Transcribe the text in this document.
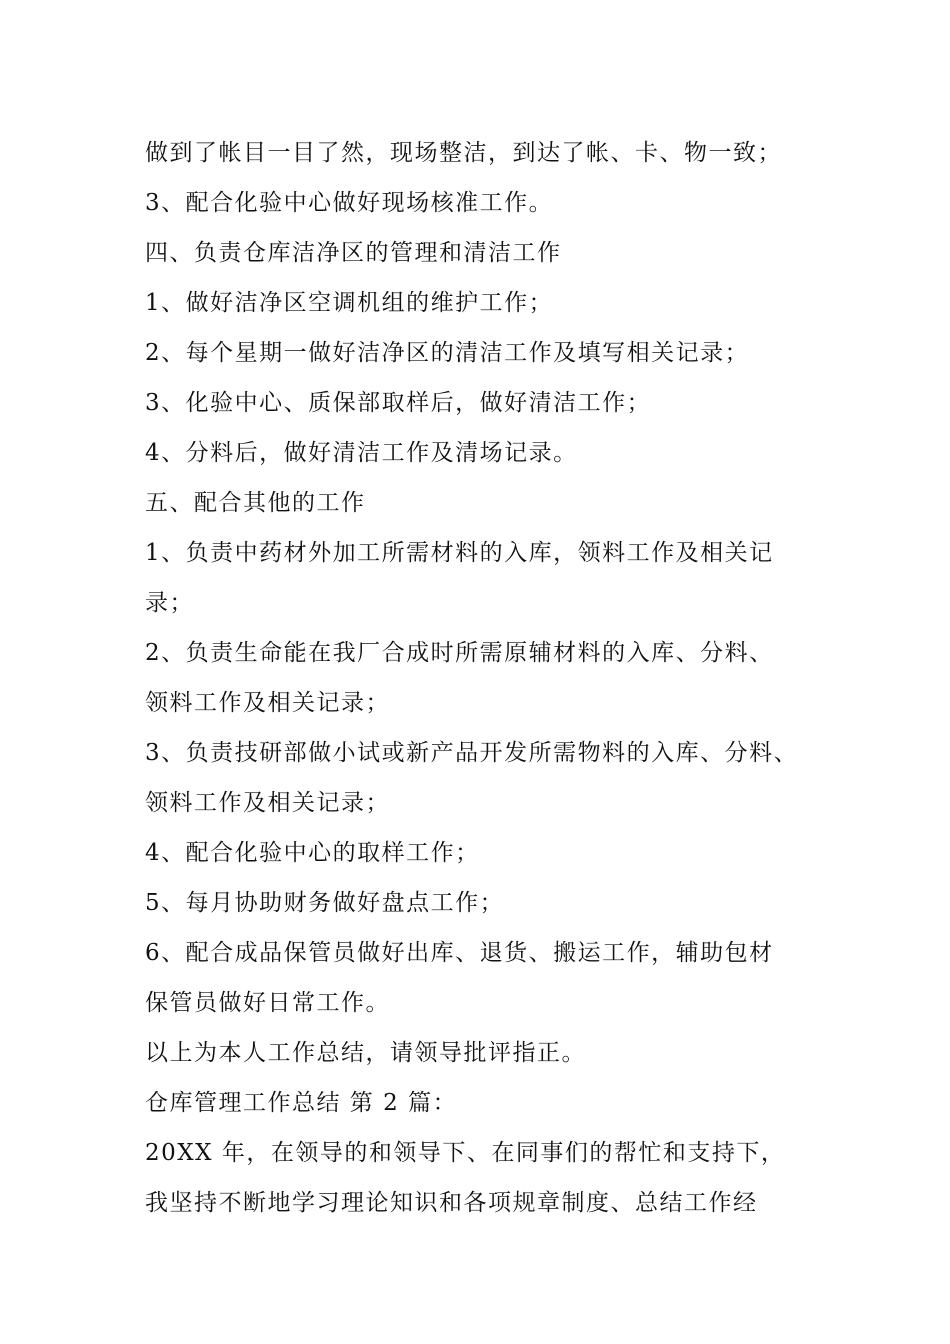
做到了帐目一目了然，现场整洁，到达了帐、卡、物一致；
3、配合化验中心做好现场核准工作。
四、负责仓库洁净区的管理和清洁工作
1、做好洁净区空调机组的维护工作；
2、每个星期一做好洁净区的清洁工作及填写相关记录；
3、化验中心、质保部取样后，做好清洁工作；
4、分料后，做好清洁工作及清场记录。
五、配合其他的工作
1、负责中药材外加工所需材料的入库，领料工作及相关记
录；
2、负责生命能在我厂合成时所需原辅材料的入库、分料、
领料工作及相关记录；
3、负责技研部做小试或新产品开发所需物料的入库、分料、
领料工作及相关记录；
4、配合化验中心的取样工作；
5、每月协助财务做好盘点工作；
6、配合成品保管员做好出库、退货、搬运工作，辅助包材
保管员做好日常工作。
以上为本人工作总结，请领导批评指正。
仓库管理工作总结 第 2 篇：
20XX 年，在领导的和领导下、在同事们的帮忙和支持下，
我坚持不断地学习理论知识和各项规章制度、总结工作经
